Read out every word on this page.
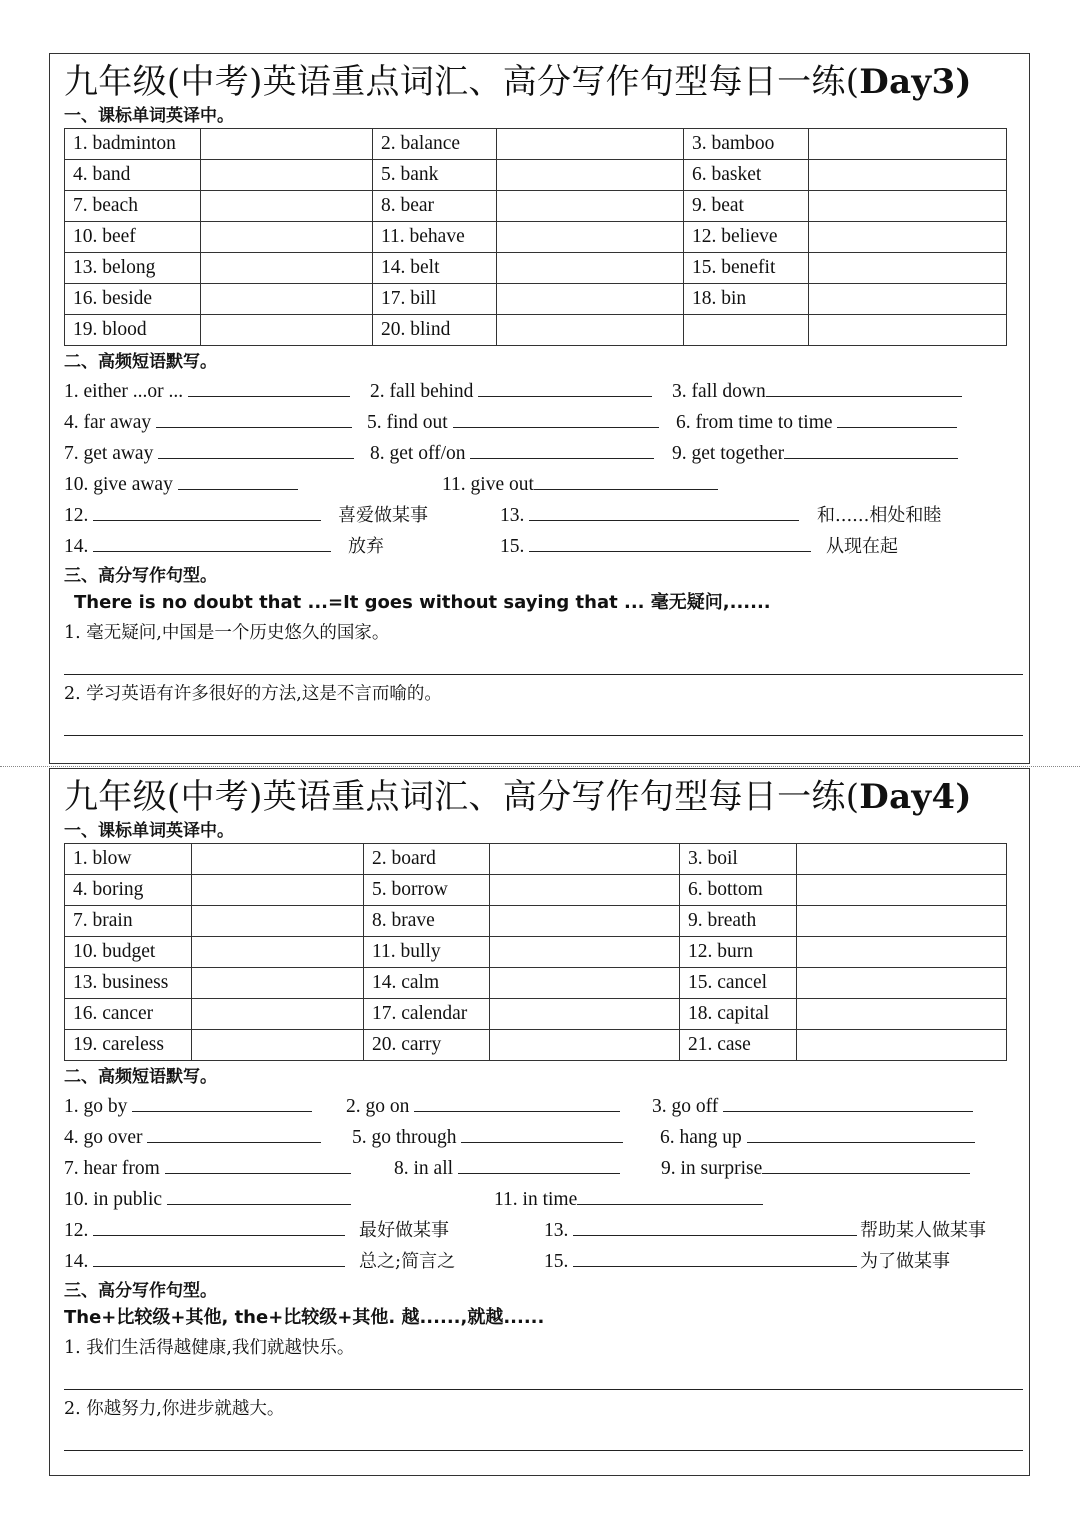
九年级(中考)英语重点词汇、高分写作句型每日一练(Day3)
一、课标单词英译中。
1. badminton		2. balance		3. bamboo	
4. band		5. bank		6. basket	
7. beach		8. bear		9. beat	
10. beef		11. behave		12. believe	
13. belong		14. belt		15. benefit	
16. beside		17. bill		18. bin	
19. blood		20. blind			
二、高频短语默写。
1. either ...or ...	2. fall behind	3. fall down
4. far away	5. find out	6. from time to time
7. get away	8. get off/on	9. get together
10. give away	11. give out
12.	喜爱做某事	13.	和......相处和睦
14.	放弃	15.	从现在起
三、高分写作句型。
There is no doubt that ...=It goes without saying that ... 毫无疑问,......
1. 毫无疑问,中国是一个历史悠久的国家。
2. 学习英语有许多很好的方法,这是不言而喻的。
九年级(中考)英语重点词汇、高分写作句型每日一练(Day4)
一、课标单词英译中。
1. blow		2. board		3. boil	
4. boring		5. borrow		6. bottom	
7. brain		8. brave		9. breath	
10. budget		11. bully		12. burn	
13. business		14. calm		15. cancel	
16. cancer		17. calendar		18. capital	
19. careless		20. carry		21. case	
二、高频短语默写。
1. go by	2. go on	3. go off
4. go over	5. go through	6. hang up
7. hear from	8. in all	9. in surprise
10. in public	11. in time
12.	最好做某事	13.	帮助某人做某事
14.	总之;简言之	15.	为了做某事
三、高分写作句型。
The+比较级+其他, the+比较级+其他. 越......,就越......
1. 我们生活得越健康,我们就越快乐。
2. 你越努力,你进步就越大。
